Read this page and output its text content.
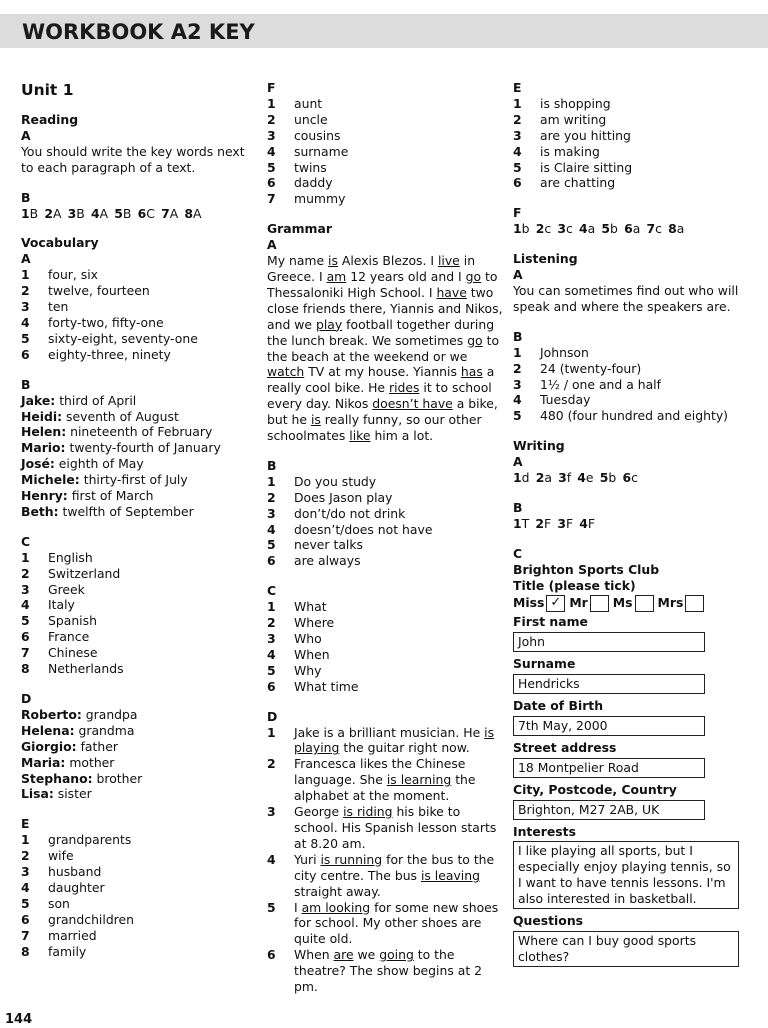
WORKBOOK A2 KEY
Unit 1
Reading
A
You should write the key words next to each paragraph of a text.
B
1B 2A 3B 4A 5B 6C 7A 8A
Vocabulary
A
1	four, six
2	twelve, fourteen
3	ten
4	forty-two, fifty-one
5	sixty-eight, seventy-one
6	eighty-three, ninety
B
Jake: third of April
Heidi: seventh of August
Helen: nineteenth of February
Mario: twenty-fourth of January
José: eighth of May
Michele: thirty-first of July
Henry: first of March
Beth: twelfth of September
C
1	English
2	Switzerland
3	Greek
4	Italy
5	Spanish
6	France
7	Chinese
8	Netherlands
D
Roberto: grandpa
Helena: grandma
Giorgio: father
Maria: mother
Stephano: brother
Lisa: sister
E
1	grandparents
2	wife
3	husband
4	daughter
5	son
6	grandchildren
7	married
8	family
F
1	aunt
2	uncle
3	cousins
4	surname
5	twins
6	daddy
7	mummy
Grammar
A
My name is Alexis Blezos. I live in Greece. I am 12 years old and I go to Thessaloniki High School. I have two close friends there, Yiannis and Nikos, and we play football together during the lunch break. We sometimes go to the beach at the weekend or we watch TV at my house. Yiannis has a really cool bike. He rides it to school every day. Nikos doesn’t have a bike, but he is really funny, so our other schoolmates like him a lot.
B
1	Do you study
2	Does Jason play
3	don’t/do not drink
4	doesn’t/does not have
5	never talks
6	are always
C
1	What
2	Where
3	Who
4	When
5	Why
6	What time
D
1	Jake is a brilliant musician. He is playing the guitar right now.
2	Francesca likes the Chinese language. She is learning the alphabet at the moment.
3	George is riding his bike to school. His Spanish lesson starts at 8.20 am.
4	Yuri is running for the bus to the city centre. The bus is leaving straight away.
5	I am looking for some new shoes for school. My other shoes are quite old.
6	When are we going to the theatre? The show begins at 2 pm.
E
1	is shopping
2	am writing
3	are you hitting
4	is making
5	is Claire sitting
6	are chatting
F
1b 2c 3c 4a 5b 6a 7c 8a
Listening
A
You can sometimes find out who will speak and where the speakers are.
B
1	Johnson
2	24 (twenty-four)
3	1½ / one and a half
4	Tuesday
5	480 (four hundred and eighty)
Writing
A
1d 2a 3f 4e 5b 6c
B
1T 2F 3F 4F
C
Brighton Sports Club
Title (please tick)
Miss ✓ Mr Ms Mrs
First name
John
Surname
Hendricks
Date of Birth
7th May, 2000
Street address
18 Montpelier Road
City, Postcode, Country
Brighton, M27 2AB, UK
Interests
I like playing all sports, but I especially enjoy playing tennis, so I want to have tennis lessons. I'm also interested in basketball.
Questions
Where can I buy good sports clothes?
144
